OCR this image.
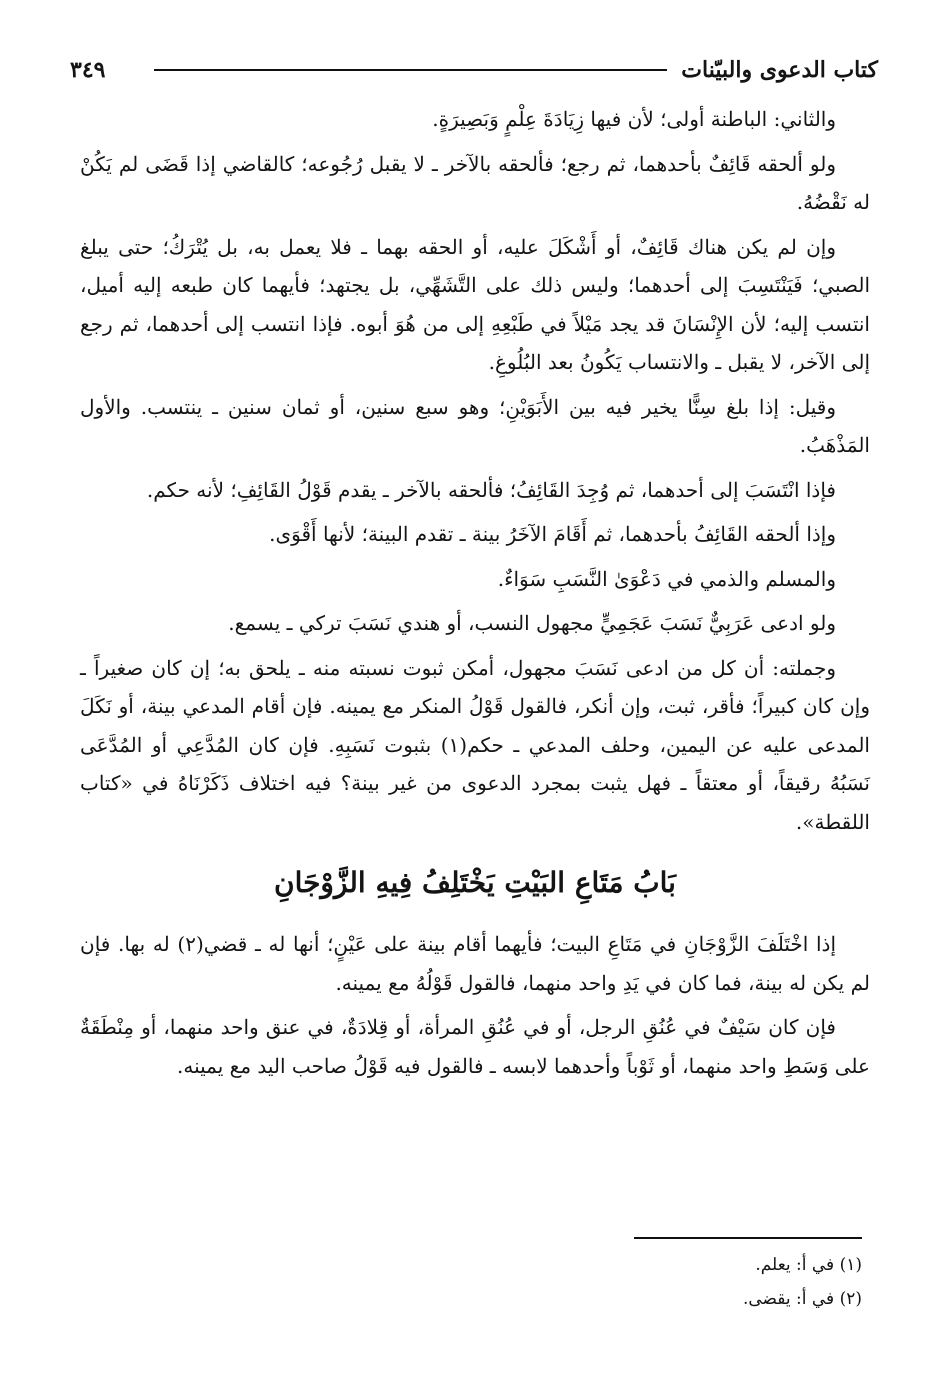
٣٤٩	كتاب الدعوى والبيّنات

والثاني: الباطنة أولى؛ لأن فيها زِيَادَةَ عِلْمٍ وَبَصِيرَةٍ.

ولو ألحقه قَائِفٌ بأحدهما، ثم رجع؛ فألحقه بالآخر ـ لا يقبل رُجُوعه؛ كالقاضي إذا قَضَى لم يَكُنْ له نَقْضُهُ.

وإن لم يكن هناك قَائِفٌ، أو أَشْكَلَ عليه، أو الحقه بهما ـ فلا يعمل به، بل يُتْرَكُ؛ حتى يبلغ الصبي؛ فَيَنْتَسِبَ إلى أحدهما؛ وليس ذلك على التَّشَهِّي، بل يجتهد؛ فأيهما كان طبعه إليه أميل، انتسب إليه؛ لأن الإِنْسَانَ قد يجد مَيْلاً في طَبْعِهِ إلى من هُوَ أبوه. فإذا انتسب إلى أحدهما، ثم رجع إلى الآخر، لا يقبل ـ والانتساب يَكُونُ بعد البُلُوغِ.

وقيل: إذا بلغ سِنًّا يخير فيه بين الأَبَوَيْنِ؛ وهو سبع سنين، أو ثمان سنين ـ ينتسب. والأول المَذْهَبُ.

فإذا انْتَسَبَ إلى أحدهما، ثم وُجِدَ القَائِفُ؛ فألحقه بالآخر ـ يقدم قَوْلُ القَائِفِ؛ لأنه حكم.

وإذا ألحقه القَائِفُ بأحدهما، ثم أَقَامَ الآخَرُ بينة ـ تقدم البينة؛ لأنها أَقْوَى.

والمسلم والذمي في دَعْوَىٰ النَّسَبِ سَوَاءٌ.

ولو ادعى عَرَبِيٌّ نَسَبَ عَجَمِيٍّ مجهول النسب، أو هندي نَسَبَ تركي ـ يسمع.

وجملته: أن كل من ادعى نَسَبَ مجهول، أمكن ثبوت نسبته منه ـ يلحق به؛ إن كان صغيراً ـ وإن كان كبيراً؛ فأقر، ثبت، وإن أنكر، فالقول قَوْلُ المنكر مع يمينه. فإن أقام المدعي بينة، أو نَكَلَ المدعى عليه عن اليمين، وحلف المدعي ـ حكم(١) بثبوت نَسَبِهِ. فإن كان المُدَّعِي أو المُدَّعَى نَسَبُهُ رقيقاً، أو معتقاً ـ فهل يثبت بمجرد الدعوى من غير بينة؟ فيه اختلاف ذَكَرْنَاهُ في «كتاب اللقطة».

بَابُ مَتَاعِ البَيْتِ يَخْتَلِفُ فِيهِ الزَّوْجَانِ

إذا اخْتَلَفَ الزَّوْجَانِ في مَتَاعِ البيت؛ فأيهما أقام بينة على عَيْنٍ؛ أنها له ـ قضي(٢) له بها. فإن لم يكن له بينة، فما كان في يَدِ واحد منهما، فالقول قَوْلُهُ مع يمينه.

فإن كان سَيْفٌ في عُنُقِ الرجل، أو في عُنُقِ المرأة، أو قِلادَةٌ، في عنق واحد منهما، أو مِنْطَقَةٌ على وَسَطِ واحد منهما، أو ثَوْباً وأحدهما لابسه ـ فالقول فيه قَوْلُ صاحب اليد مع يمينه.

(١) في أ: يعلم.
(٢) في أ: يقضى.
